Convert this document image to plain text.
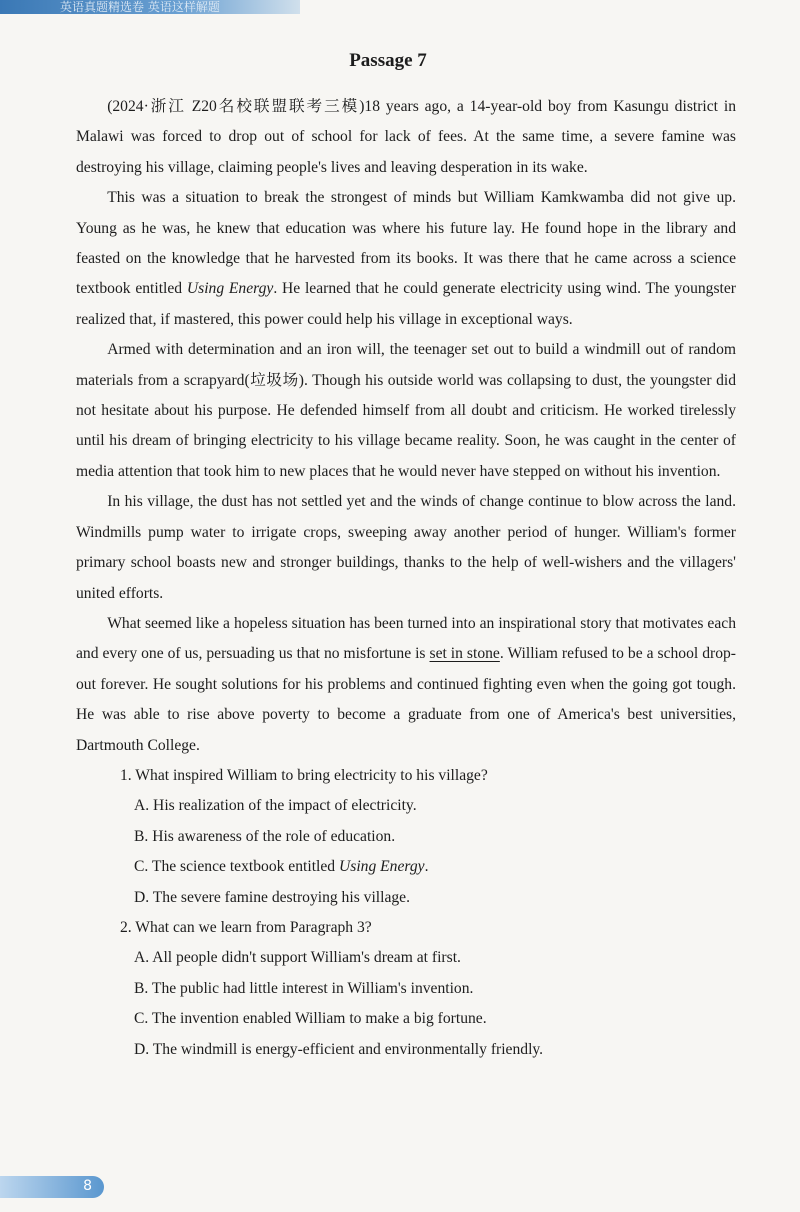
英语真题精选卷 英语这样解题
Passage 7

(2024·浙江 Z20名校联盟联考三模)18 years ago, a 14-year-old boy from Kasungu district in Malawi was forced to drop out of school for lack of fees. At the same time, a severe famine was destroying his village, claiming people's lives and leaving desperation in its wake.

This was a situation to break the strongest of minds but William Kamkwamba did not give up. Young as he was, he knew that education was where his future lay. He found hope in the library and feasted on the knowledge that he harvested from its books. It was there that he came across a science textbook entitled Using Energy. He learned that he could generate electricity using wind. The youngster realized that, if mastered, this power could help his village in exceptional ways.

Armed with determination and an iron will, the teenager set out to build a windmill out of random materials from a scrapyard(垃圾场). Though his outside world was collapsing to dust, the youngster did not hesitate about his purpose. He defended himself from all doubt and criticism. He worked tirelessly until his dream of bringing electricity to his village became reality. Soon, he was caught in the center of media attention that took him to new places that he would never have stepped on without his invention.

In his village, the dust has not settled yet and the winds of change continue to blow across the land. Windmills pump water to irrigate crops, sweeping away another period of hunger. William's former primary school boasts new and stronger buildings, thanks to the help of well-wishers and the villagers' united efforts.

What seemed like a hopeless situation has been turned into an inspirational story that motivates each and every one of us, persuading us that no misfortune is set in stone. William refused to be a school drop-out forever. He sought solutions for his problems and continued fighting even when the going got tough. He was able to rise above poverty to become a graduate from one of America's best universities, Dartmouth College.

1. What inspired William to bring electricity to his village?

A. His realization of the impact of electricity.

B. His awareness of the role of education.

C. The science textbook entitled Using Energy.

D. The severe famine destroying his village.

2. What can we learn from Paragraph 3?

A. All people didn't support William's dream at first.

B. The public had little interest in William's invention.

C. The invention enabled William to make a big fortune.

D. The windmill is energy-efficient and environmentally friendly.

8
